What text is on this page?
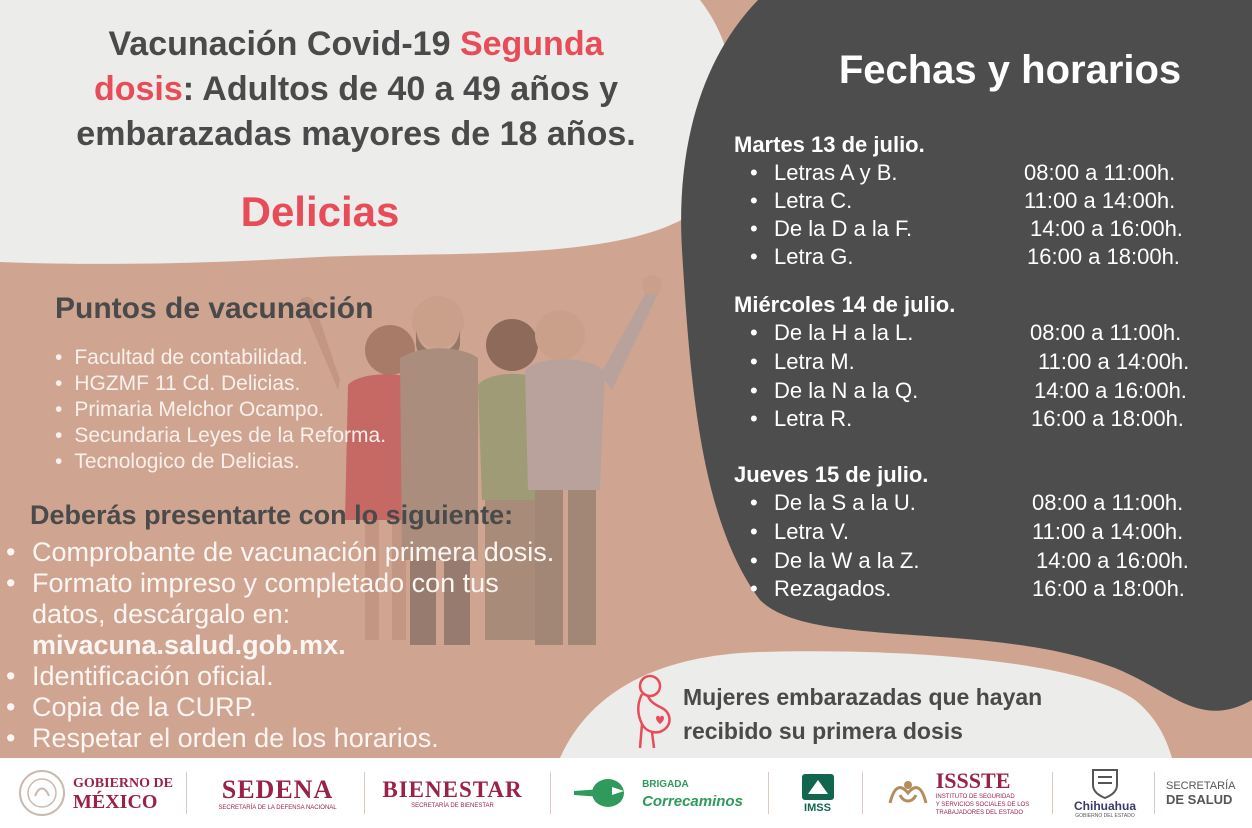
Vacunación Covid-19 Segunda
dosis: Adultos de 40 a 49 años y
embarazadas mayores de 18 años.
Delicias
Puntos de vacunación
• Facultad de contabilidad.
• HGZMF 11 Cd. Delicias.
• Primaria Melchor Ocampo.
• Secundaria Leyes de la Reforma.
• Tecnologico de Delicias.
Deberás presentarte con lo siguiente:
• Comprobante de vacunación primera dosis.
• Formato impreso y completado con tus
datos, descárgalo en:
mivacuna.salud.gob.mx.
• Identificación oficial.
• Copia de la CURP.
• Respetar el orden de los horarios.
Fechas y horarios
Martes 13 de julio.
• Letras A y B.	08:00 a 11:00h.
• Letra C.	11:00 a 14:00h.
• De la D a la F.	14:00 a 16:00h.
• Letra G.	16:00 a 18:00h.
Miércoles 14 de julio.
• De la H a la L.	08:00 a 11:00h.
• Letra M.	11:00 a 14:00h.
• De la N a la Q.	14:00 a 16:00h.
• Letra R.	16:00 a 18:00h.
Jueves 15 de julio.
• De la S a la U.	08:00 a 11:00h.
• Letra V.	11:00 a 14:00h.
• De la W a la Z.	14:00 a 16:00h.
• Rezagados.	16:00 a 18:00h.
Mujeres embarazadas que hayan
recibido su primera dosis
GOBIERNO DE
MÉXICO	SEDENA
SECRETARÍA DE LA DEFENSA NACIONAL
BIENESTAR
SECRETARÍA DE BIENESTAR
BRIGADA
Correcaminos	IMSS
ISSSTE
INSTITUTO DE SEGURIDAD
Y SERVICIOS SOCIALES DE LOS
TRABAJADORES DEL ESTADO	Chihuahua
GOBIERNO DEL ESTADO
SECRETARÍA
DE SALUD
